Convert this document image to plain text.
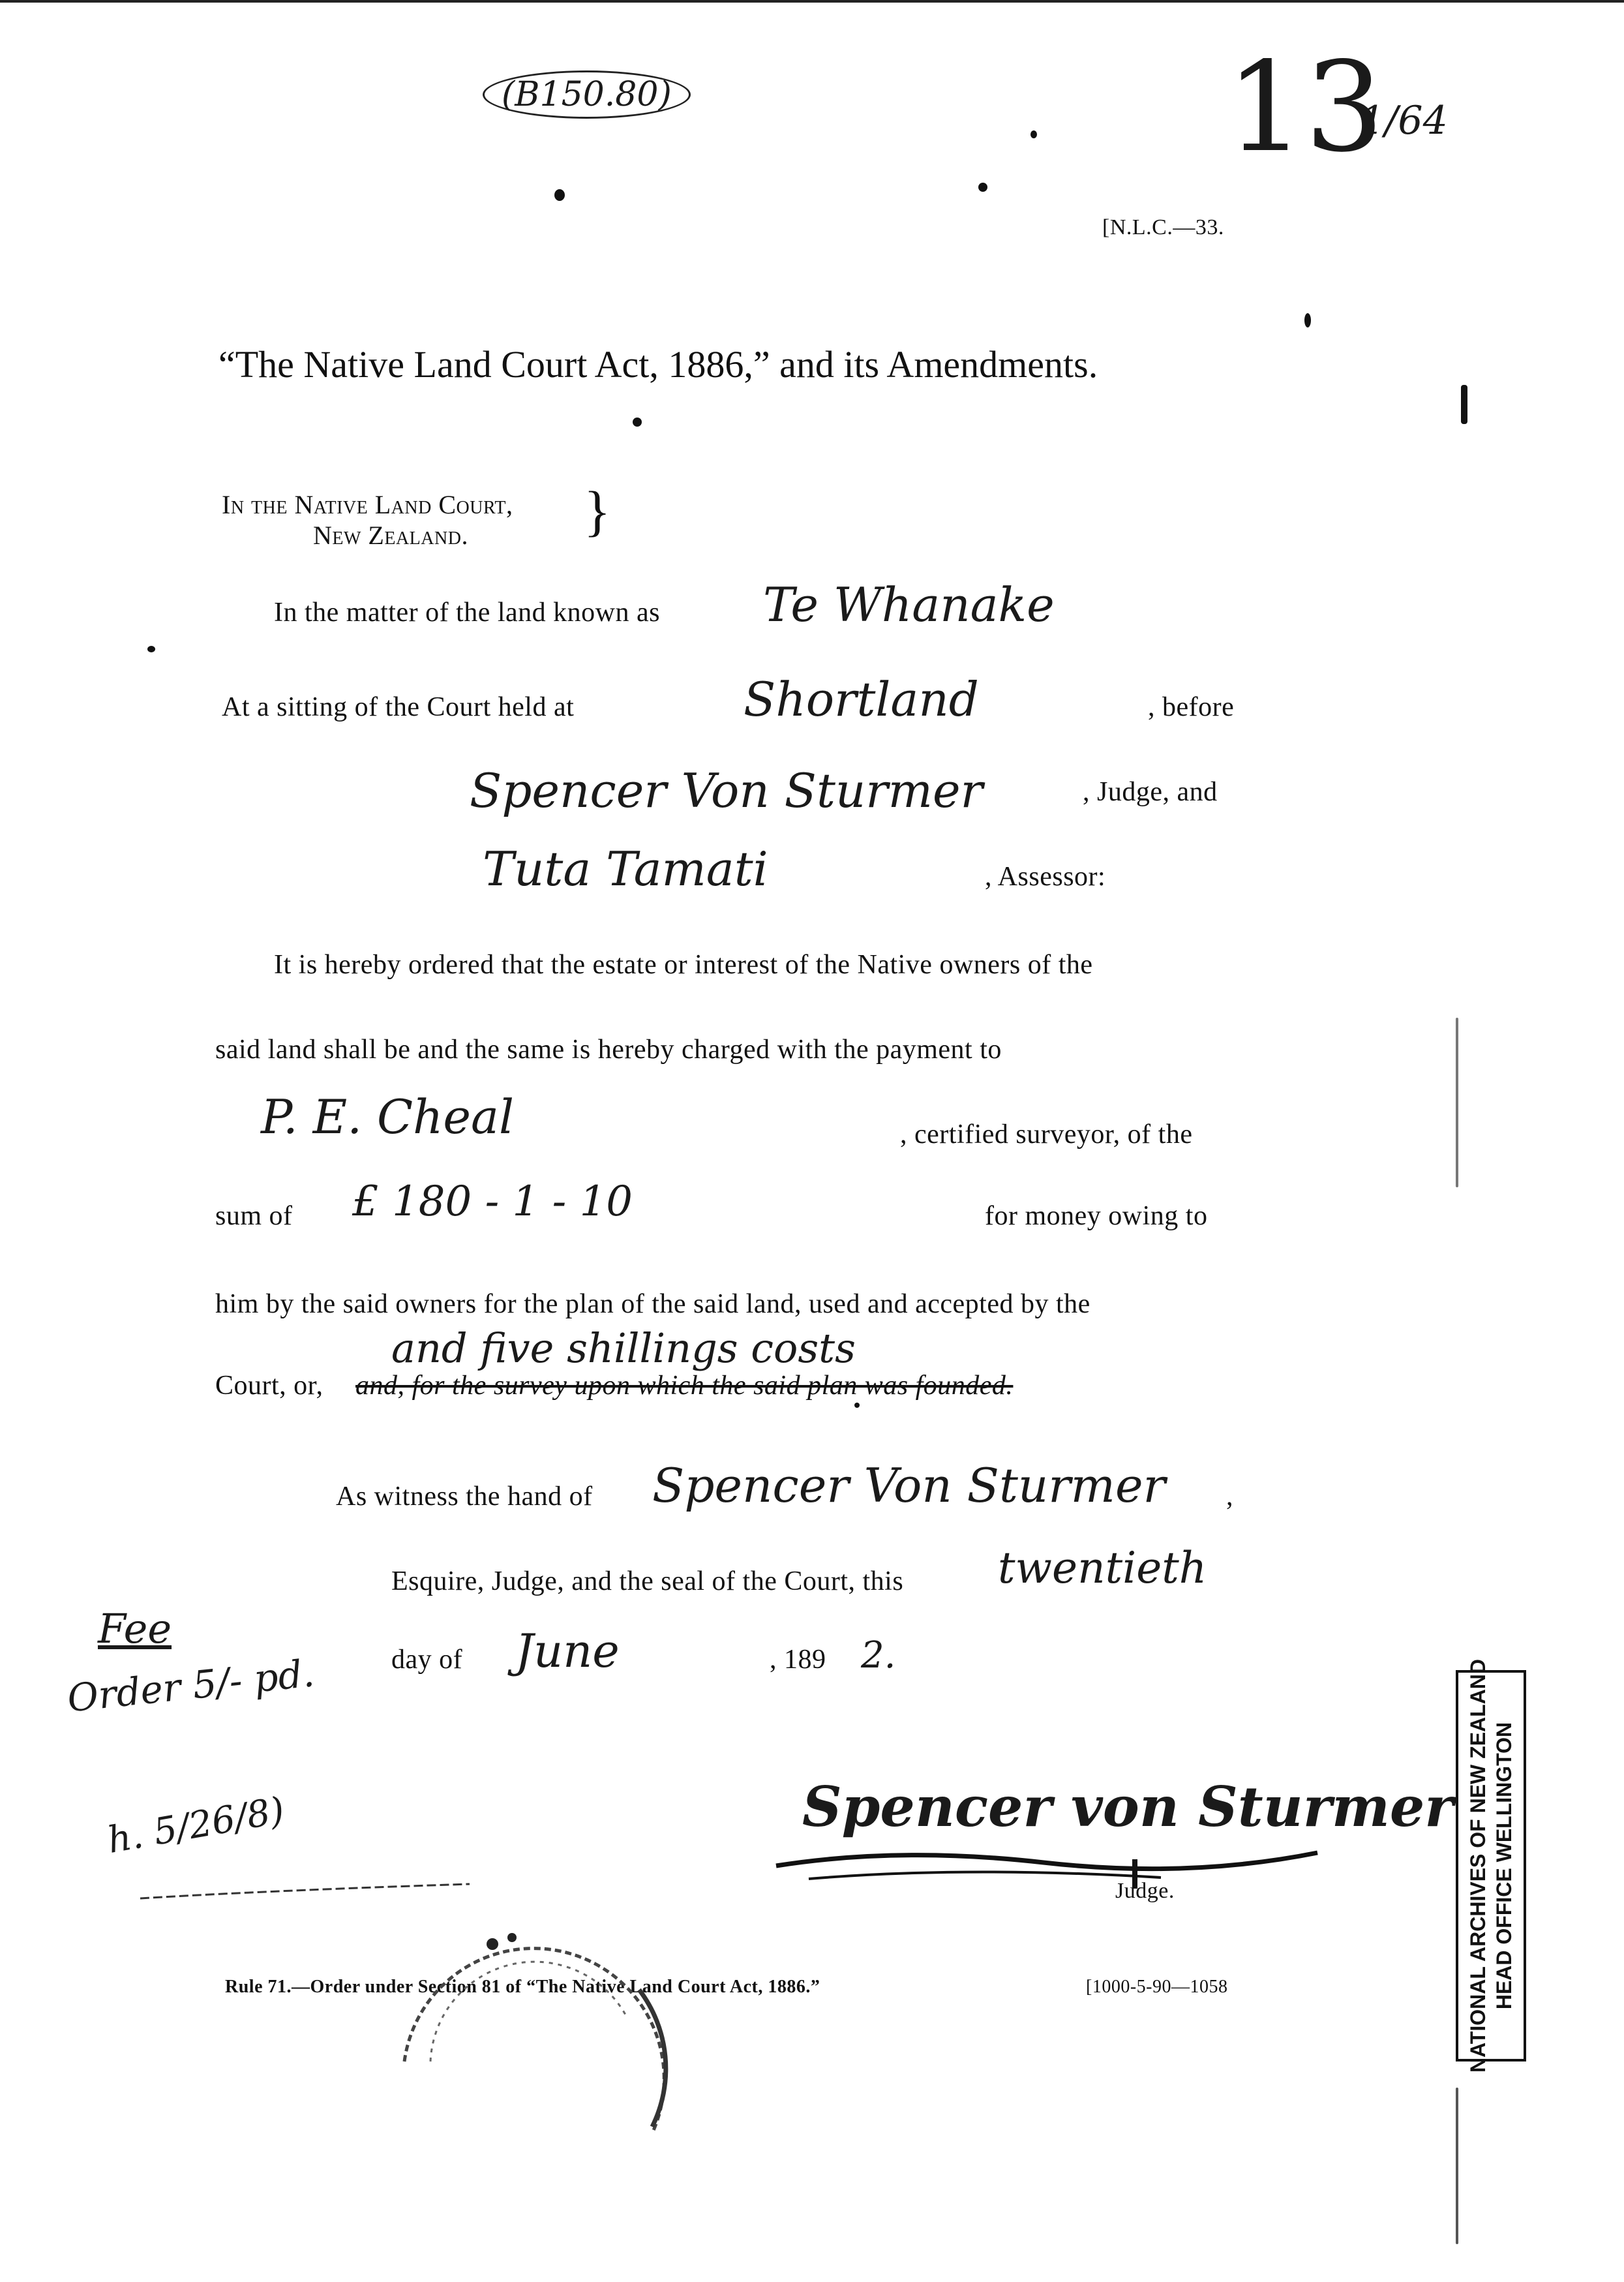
(B150.80)	13
1/64
[N.L.C.—33.
“The Native Land Court Act, 1886,” and its Amendments.
In the Native Land Court,
New Zealand. }
In the matter of the land known as Te Whanake
At a sitting of the Court held at	Shortland	, before
Spencer Von Sturmer	, Judge, and
Tuta Tamati	, Assessor:
It is hereby ordered that the estate or interest of the Native owners of the
said land shall be and the same is hereby charged with the payment to
P. E. Cheal	, certified surveyor, of the
sum of £ 180 - 1 - 10	for money owing to
him by the said owners for the plan of the said land, used and accepted by the
and five shillings costs
Court, or, and, for the survey upon which the said plan was founded.
As witness the hand of Spencer Von Sturmer ,
Esquire, Judge, and the seal of the Court, this twentieth
day of June	, 189 2.
Fee
Order 5/- pd.
h. 5/26/8)	Spencer von Sturmer
Judge.
Rule 71.—Order under Section 81 of “The Native Land Court Act, 1886.”	[1000-5-90—1058	NATIONAL ARCHIVES OF NEW ZEALAND HEAD OFFICE WELLINGTON
